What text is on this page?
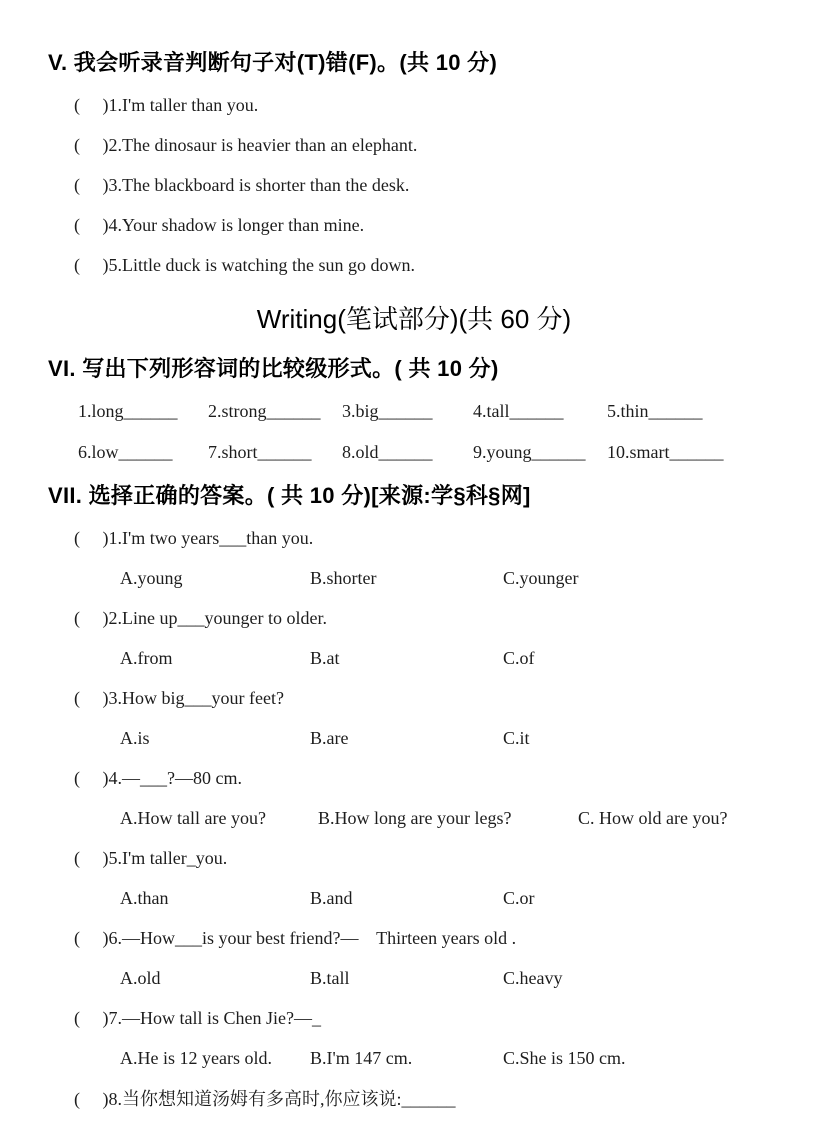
V. 我会听录音判断句子对(T)错(F)。(共 10 分)
(     )1.I'm taller than you.
(     )2.The dinosaur is heavier than an elephant.
(     )3.The blackboard is shorter than the desk.
(     )4.Your shadow is longer than mine.
(     )5.Little duck is watching the sun go down.
Writing(笔试部分)(共 60 分)
VI. 写出下列形容词的比较级形式。( 共 10 分)
1.long______	2.strong______	3.big______	4.tall______	5.thin______
6.low______	7.short______	8.old______	9.young______	10.smart______
VII. 选择正确的答案。( 共 10 分)[来源:学§科§网]
(     )1.I'm two years___than you.
A.young	B.shorter	C.younger
(     )2.Line up___younger to older.
A.from	B.at	C.of
(     )3.How big___your feet?
A.is	B.are	C.it
(     )4.—___?—80 cm.
A.How tall are you?	B.How long are your legs?	C. How old are you?
(     )5.I'm taller_you.
A.than	B.and	C.or
(     )6.—How___is your best friend?—    Thirteen years old .
A.old	B.tall	C.heavy
(     )7.—How tall is Chen Jie?—_
A.He is 12 years old.	B.I'm 147 cm.	C.She is 150 cm.
(     )8.当你想知道汤姆有多高时,你应该说:______
